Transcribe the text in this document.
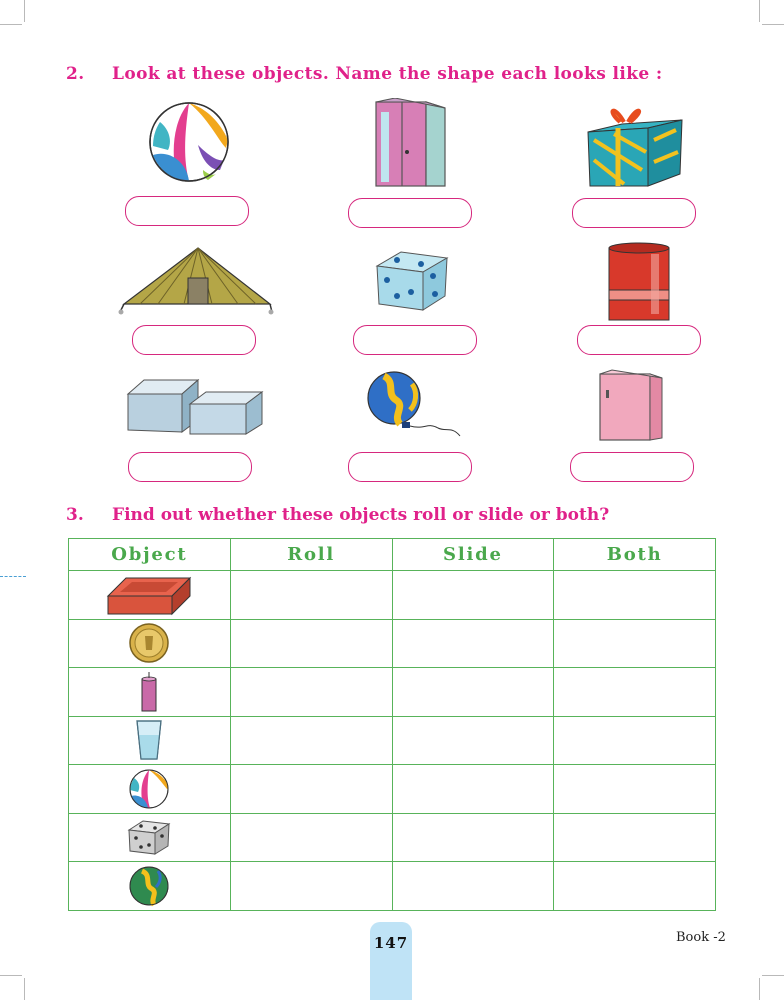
2. Look at these objects. Name the shape each looks like :
3. Find out whether these objects roll or slide or both?
Object	Roll	Slide	Both

147	Book -2
